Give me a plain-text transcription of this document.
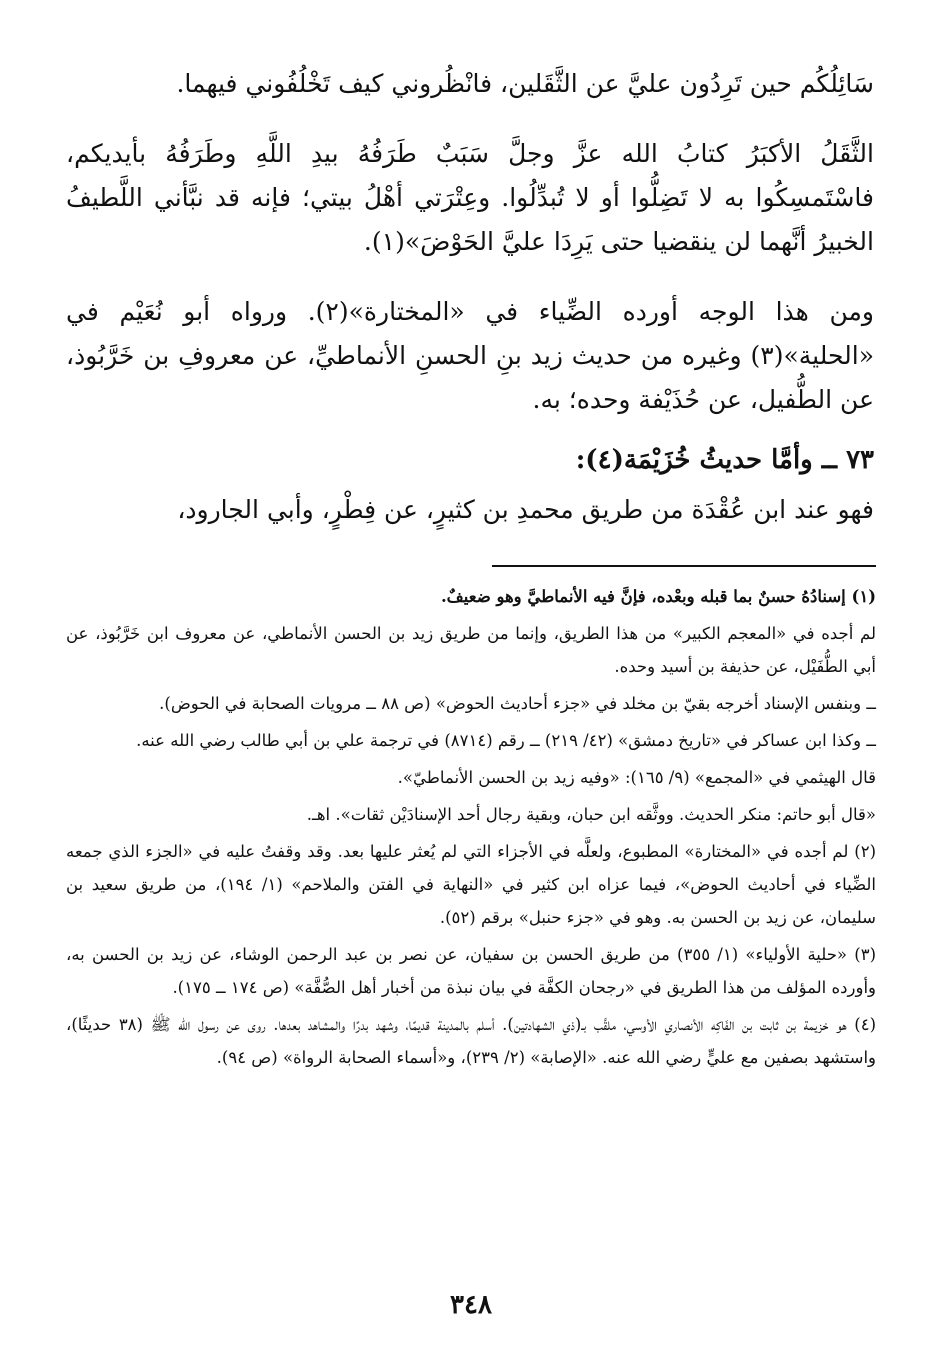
سَائِلُكُم حين تَرِدُون عليَّ عن الثَّقَلين، فانْظُروني كيف تَخْلُفُوني فيهما.

الثَّقَلُ الأكبَرُ كتابُ الله عزَّ وجلَّ سَبَبٌ طَرَفُهُ بيدِ اللَّهِ وطَرَفُهُ بأيديكم، فاسْتَمسِكُوا به لا تَضِلُّوا أو لا تُبدِّلُوا. وعِتْرَتي أهْلُ بيتي؛ فإنه قد نبَّأني اللَّطيفُ الخبيرُ أنَّهما لن ينقضيا حتى يَرِدَا عليَّ الحَوْضَ»(١).

ومن هذا الوجه أورده الضِّياء في «المختارة»(٢). ورواه أبو نُعَيْم في «الحلية»(٣) وغيره من حديث زيد بنِ الحسنِ الأنماطيِّ، عن معروفِ بن خَرَّبُوذ، عن الطُّفيل، عن حُذَيْفة وحده؛ به.

٧٣ ــ وأمَّا حديثُ خُزَيْمَة(٤):

فهو عند ابن عُقْدَة من طريق محمدِ بن كثيرٍ، عن فِطْرٍ، وأبي الجارود،

(١) إسنادُهُ حسنٌ بما قبله وبعْده، فإنَّ فيه الأنماطيَّ وهو ضعيفٌ.

لم أجده في «المعجم الكبير» من هذا الطريق، وإنما من طريق زيد بن الحسن الأنماطي، عن معروف ابن خَرَّبُوذ، عن أبي الطُّفَيْل، عن حذيفة بن أسيد وحده.

ــ وبنفس الإسناد أخرجه بقيّ بن مخلد في «جزء أحاديث الحوض» (ص ٨٨ ــ مرويات الصحابة في الحوض).

ــ وكذا ابن عساكر في «تاريخ دمشق» (٤٢/ ٢١٩) ــ رقم (٨٧١٤) في ترجمة علي بن أبي طالب رضي الله عنه.

قال الهيثمي في «المجمع» (٩/ ١٦٥): «وفيه زيد بن الحسن الأنماطيّ».

«قال أبو حاتم: منكر الحديث. ووثَّقه ابن حبان، وبقية رجال أحد الإسنادَيْن ثقات». اهـ.

(٢) لم أجده في «المختارة» المطبوع، ولعلَّه في الأجزاء التي لم يُعثر عليها بعد. وقد وقفتُ عليه في «الجزء الذي جمعه الضِّياء في أحاديث الحوض»، فيما عزاه ابن كثير في «النهاية في الفتن والملاحم» (١/ ١٩٤)، من طريق سعيد بن سليمان، عن زيد بن الحسن به. وهو في «جزء حنبل» برقم (٥٢).

(٣) «حلية الأولياء» (١/ ٣٥٥) من طريق الحسن بن سفيان، عن نصر بن عبد الرحمن الوشاء، عن زيد بن الحسن به، وأورده المؤلف من هذا الطريق في «رجحان الكفَّة في بيان نبذة من أخبار أهل الصُّفَّة» (ص ١٧٤ ــ ١٧٥).

(٤) هو خزيمة بن ثابت بن الفَاكِه الأنصاري الأوسي، ملقَّب بـ(ذي الشهادتين). أسلم بالمدينة قديمًا، وشهد بدرًا والمشاهد بعدها. روى عن رسول الله ﷺ (٣٨ حديثًا)، واستشهد بصفين مع عليٍّ رضي الله عنه. «الإصابة» (٢/ ٢٣٩)، و«أسماء الصحابة الرواة» (ص ٩٤).

٣٤٨
